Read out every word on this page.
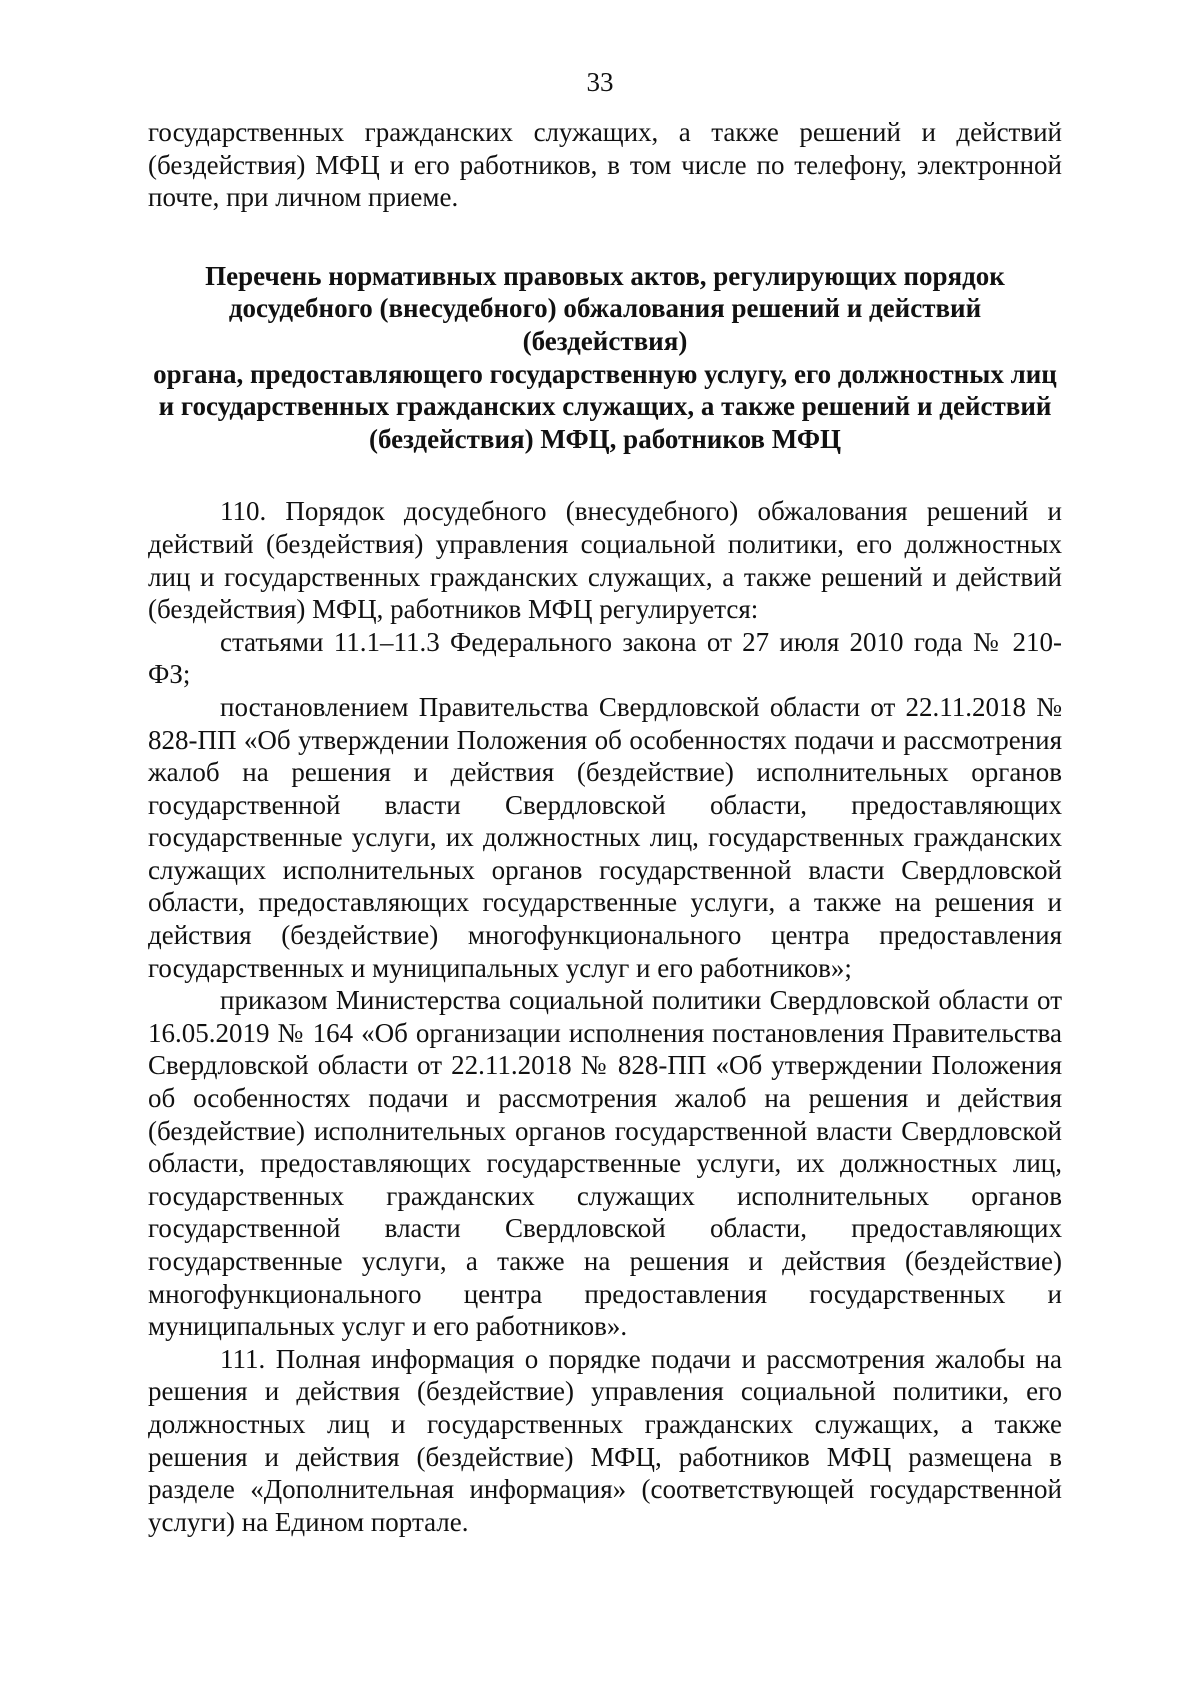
33

государственных гражданских служащих, а также решений и действий (бездействия) МФЦ и его работников, в том числе по телефону, электронной почте, при личном приеме.

Перечень нормативных правовых актов, регулирующих порядок
досудебного (внесудебного) обжалования решений и действий (бездействия)
органа, предоставляющего государственную услугу, его должностных лиц
и государственных гражданских служащих, а также решений и действий
(бездействия) МФЦ, работников МФЦ

110. Порядок досудебного (внесудебного) обжалования решений и действий (бездействия) управления социальной политики, его должностных лиц и государственных гражданских служащих, а также решений и действий (бездействия) МФЦ, работников МФЦ регулируется:

статьями 11.1–11.3 Федерального закона от 27 июля 2010 года № 210-ФЗ;

постановлением Правительства Свердловской области от 22.11.2018 № 828-ПП «Об утверждении Положения об особенностях подачи и рассмотрения жалоб на решения и действия (бездействие) исполнительных органов государственной власти Свердловской области, предоставляющих государственные услуги, их должностных лиц, государственных гражданских служащих исполнительных органов государственной власти Свердловской области, предоставляющих государственные услуги, а также на решения и действия (бездействие) многофункционального центра предоставления государственных и муниципальных услуг и его работников»;

приказом Министерства социальной политики Свердловской области от 16.05.2019 № 164 «Об организации исполнения постановления Правительства Свердловской области от 22.11.2018 № 828-ПП «Об утверждении Положения об особенностях подачи и рассмотрения жалоб на решения и действия (бездействие) исполнительных органов государственной власти Свердловской области, предоставляющих государственные услуги, их должностных лиц, государственных гражданских служащих исполнительных органов государственной власти Свердловской области, предоставляющих государственные услуги, а также на решения и действия (бездействие) многофункционального центра предоставления государственных и муниципальных услуг и его работников».

111. Полная информация о порядке подачи и рассмотрения жалобы на решения и действия (бездействие) управления социальной политики, его должностных лиц и государственных гражданских служащих, а также решения и действия (бездействие) МФЦ, работников МФЦ размещена в разделе «Дополнительная информация» (соответствующей государственной услуги) на Едином портале.
